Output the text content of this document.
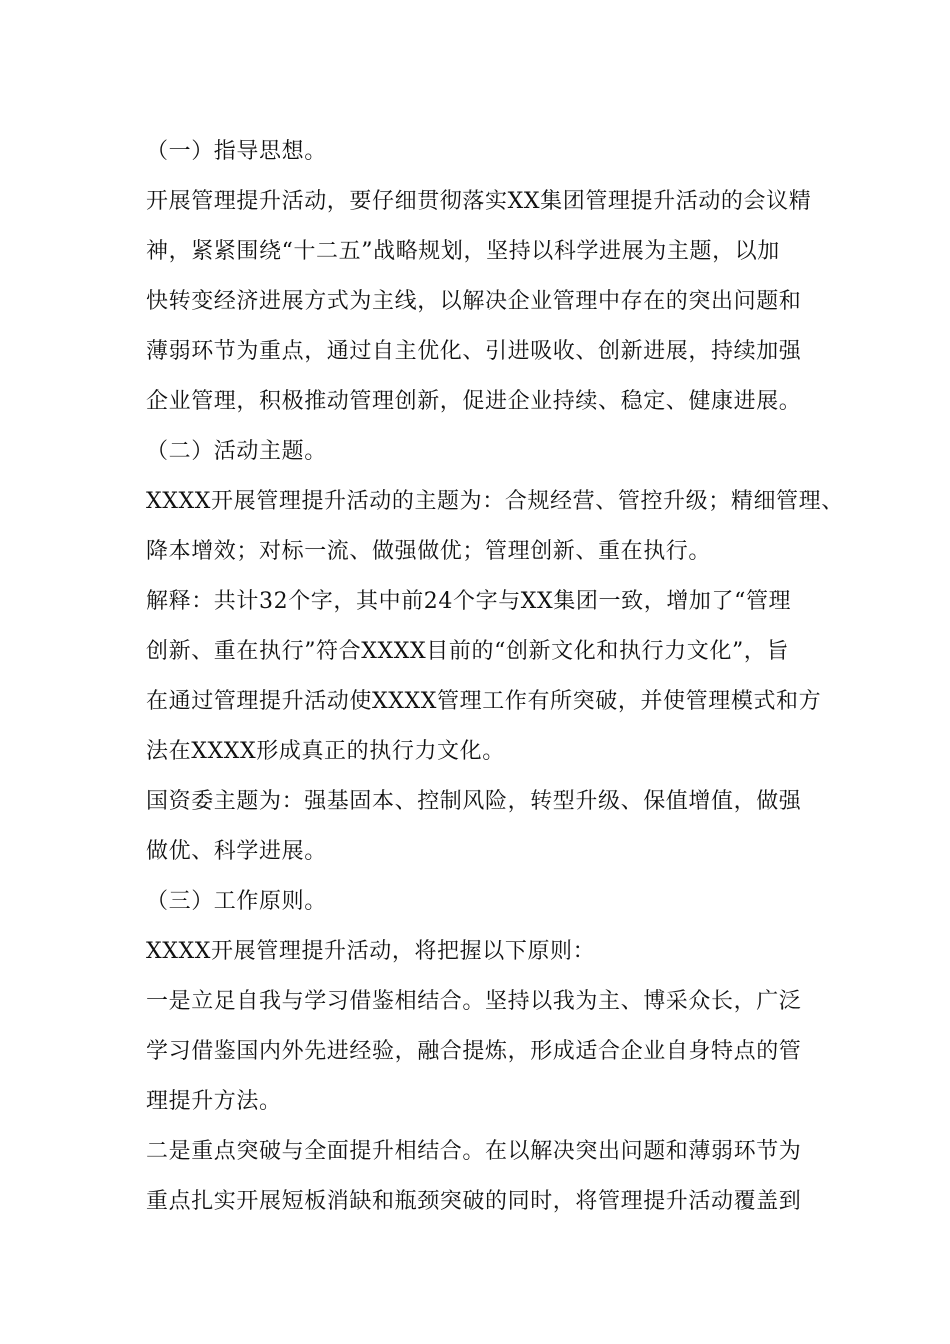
（一）指导思想。
开展管理提升活动，要仔细贯彻落实XX集团管理提升活动的会议精
神，紧紧围绕“十二五”战略规划，坚持以科学进展为主题，以加
快转变经济进展方式为主线，以解决企业管理中存在的突出问题和
薄弱环节为重点，通过自主优化、引进吸收、创新进展，持续加强
企业管理，积极推动管理创新，促进企业持续、稳定、健康进展。
（二）活动主题。
XXXX开展管理提升活动的主题为：合规经营、管控升级；精细管理、
降本增效；对标一流、做强做优；管理创新、重在执行。
解释：共计32个字，其中前24个字与XX集团一致，增加了“管理
创新、重在执行”符合XXXX目前的“创新文化和执行力文化”，旨
在通过管理提升活动使XXXX管理工作有所突破，并使管理模式和方
法在XXXX形成真正的执行力文化。
国资委主题为：强基固本、控制风险，转型升级、保值增值，做强
做优、科学进展。
（三）工作原则。
XXXX开展管理提升活动，将把握以下原则：
一是立足自我与学习借鉴相结合。坚持以我为主、博采众长，广泛
学习借鉴国内外先进经验，融合提炼，形成适合企业自身特点的管
理提升方法。
二是重点突破与全面提升相结合。在以解决突出问题和薄弱环节为
重点扎实开展短板消缺和瓶颈突破的同时，将管理提升活动覆盖到
